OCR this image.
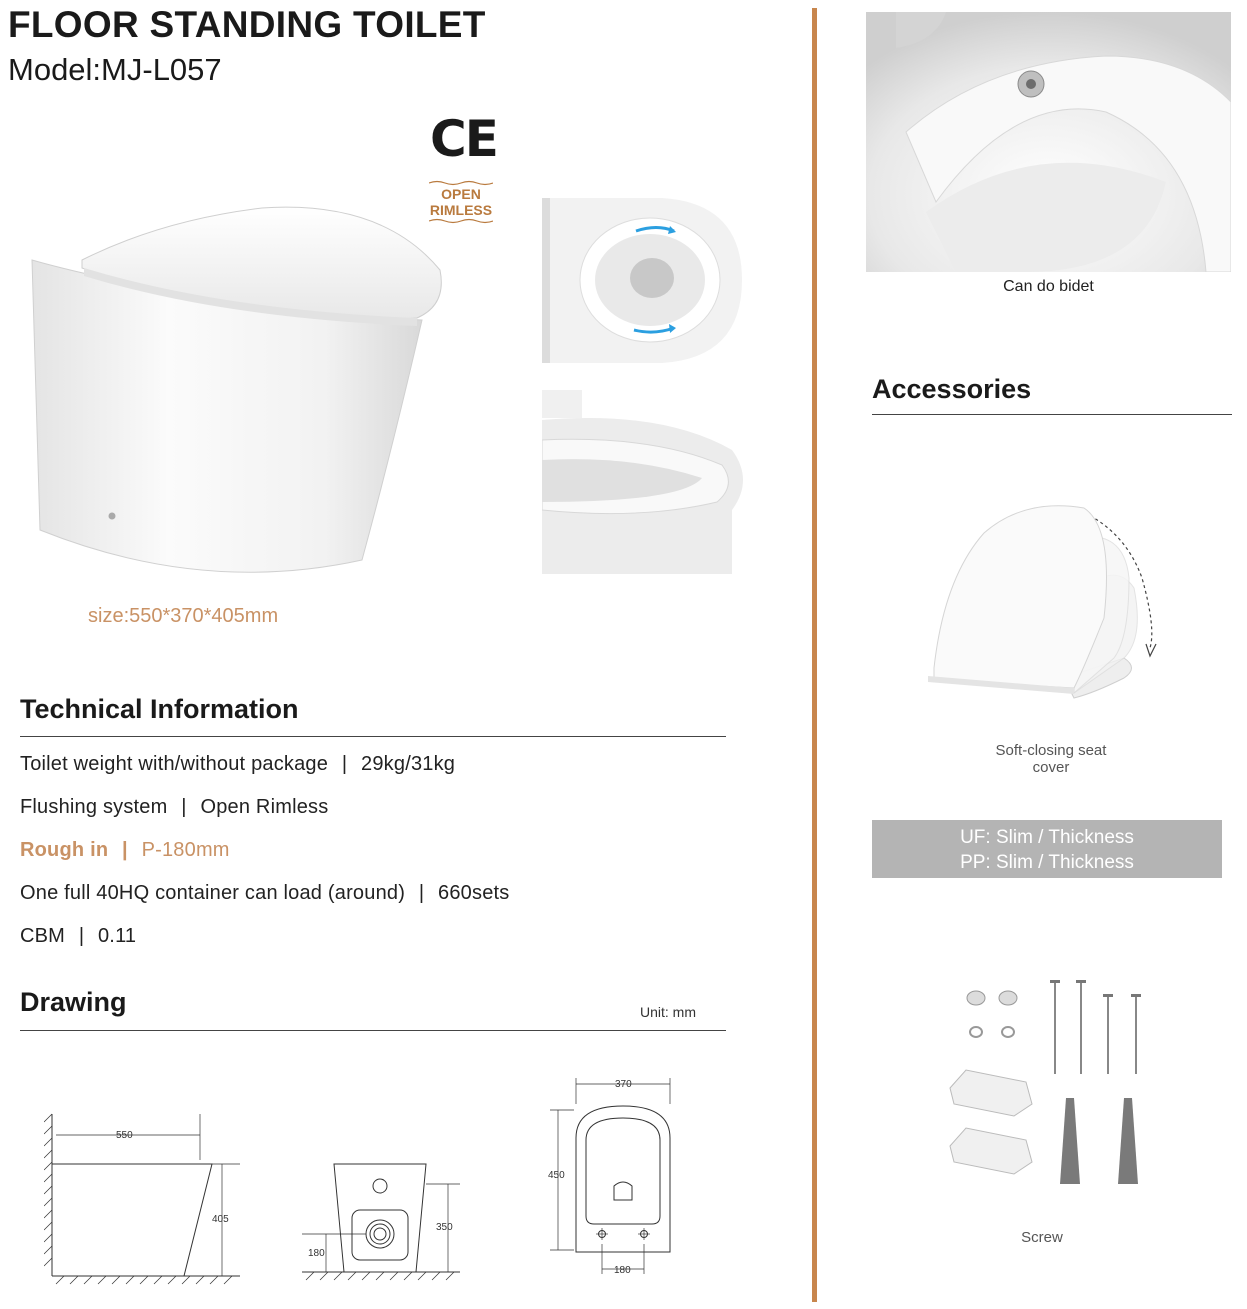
FLOOR STANDING TOILET
Model:MJ-L057
CE
OPEN
RIMLESS
size:550*370*405mm
Technical Information
Toilet weight with/without package | 29kg/31kg
Flushing system | Open Rimless
Rough in | P-180mm
One full 40HQ container can load (around) | 660sets
CBM | 0.11
Drawing	Unit: mm
550
405
350
180
370
450
180
Can do bidet
Accessories
Soft-closing seat
cover
UF: Slim / Thickness
PP: Slim / Thickness
Screw
